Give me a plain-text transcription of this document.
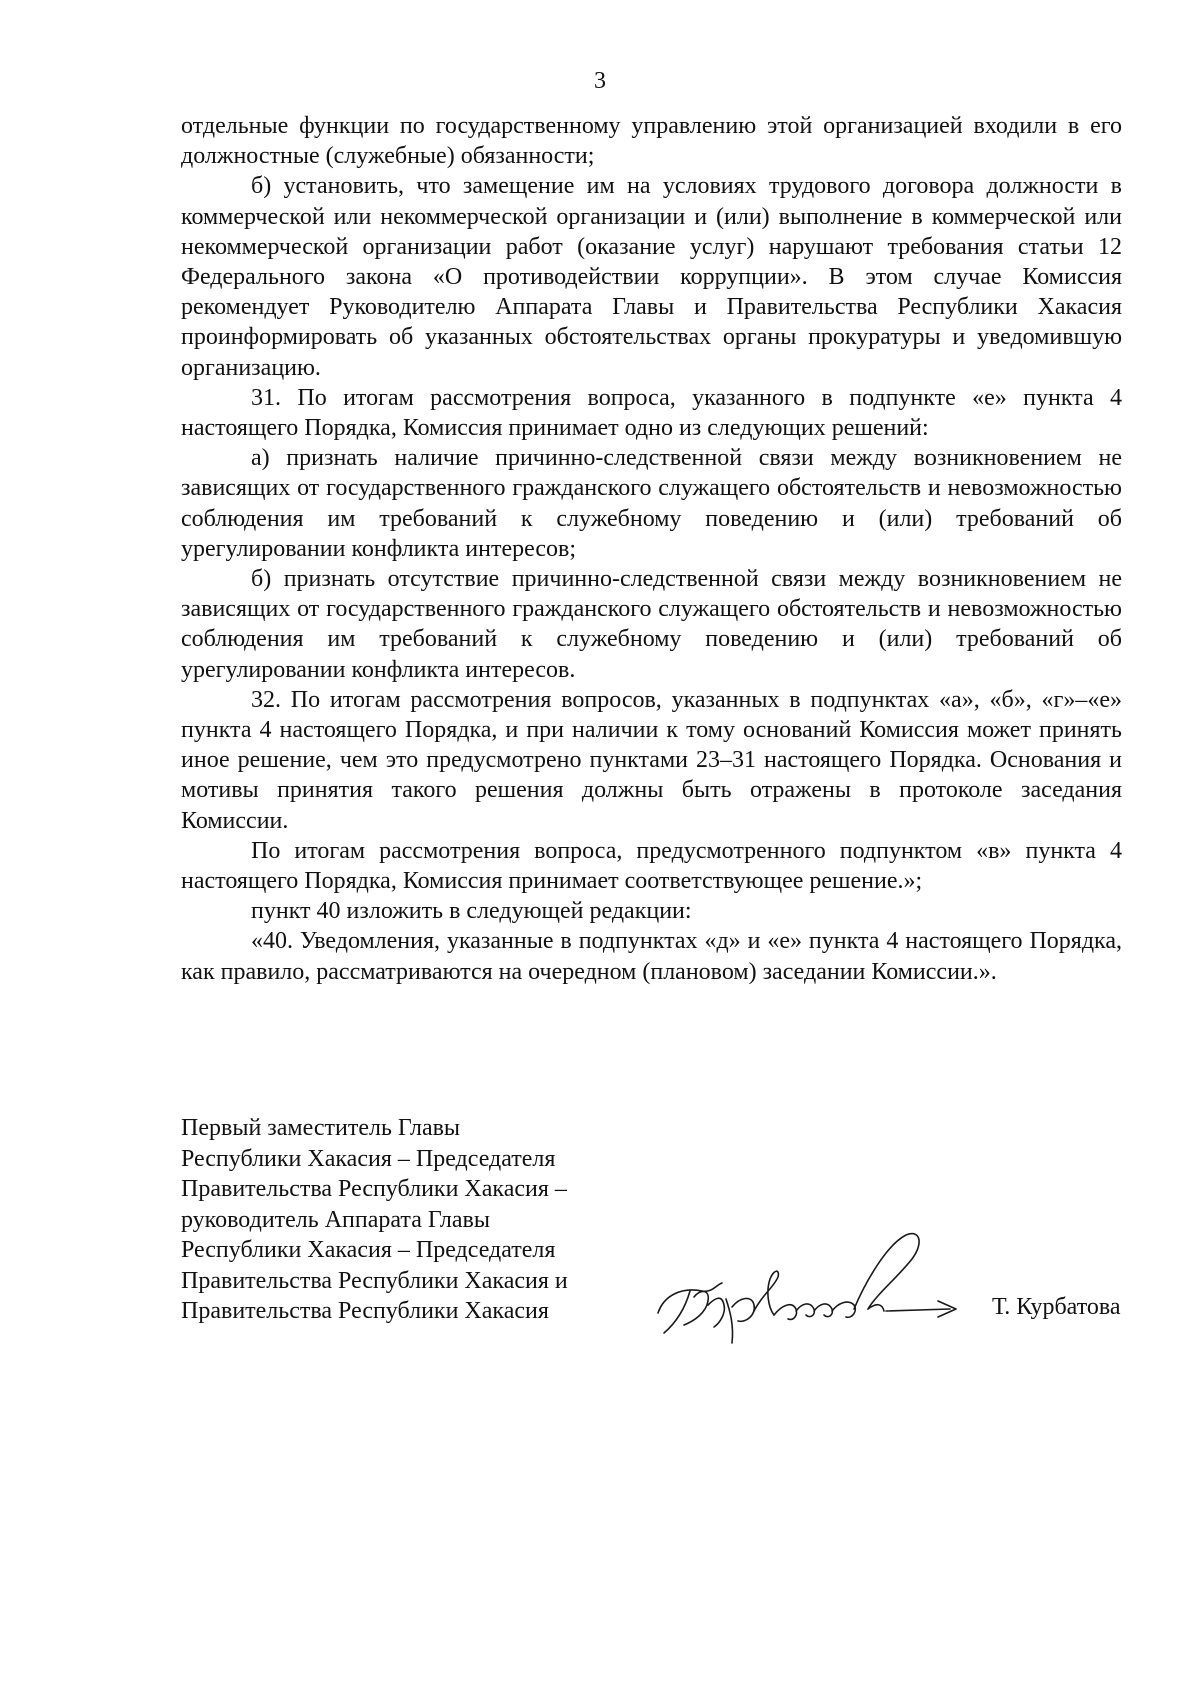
3

отдельные функции по государственному управлению этой организацией входили в его должностные (служебные) обязанности;

б) установить, что замещение им на условиях трудового договора должности в коммерческой или некоммерческой организации и (или) выполнение в коммерческой или некоммерческой организации работ (оказание услуг) нарушают требования статьи 12 Федерального закона «О противодействии коррупции». В этом случае Комиссия рекомендует Руководителю Аппарата Главы и Правительства Республики Хакасия проинформировать об указанных обстоятельствах органы прокуратуры и уведомившую организацию.

31. По итогам рассмотрения вопроса, указанного в подпункте «е» пункта 4 настоящего Порядка, Комиссия принимает одно из следующих решений:

а) признать наличие причинно-следственной связи между возникновением не зависящих от государственного гражданского служащего обстоятельств и невозможностью соблюдения им требований к служебному поведению и (или) требований об урегулировании конфликта интересов;

б) признать отсутствие причинно-следственной связи между возникновением не зависящих от государственного гражданского служащего обстоятельств и невозможностью соблюдения им требований к служебному поведению и (или) требований об урегулировании конфликта интересов.

32. По итогам рассмотрения вопросов, указанных в подпунктах «а», «б», «г»–«е» пункта 4 настоящего Порядка, и при наличии к тому оснований Комиссия может принять иное решение, чем это предусмотрено пунктами 23–31 настоящего Порядка. Основания и мотивы принятия такого решения должны быть отражены в протоколе заседания Комиссии.

По итогам рассмотрения вопроса, предусмотренного подпунктом «в» пункта 4 настоящего Порядка, Комиссия принимает соответствующее решение.»;

пункт 40 изложить в следующей редакции:

«40. Уведомления, указанные в подпунктах «д» и «е» пункта 4 настоящего Порядка, как правило, рассматриваются на очередном (плановом) заседании Комиссии.».

Первый заместитель Главы
Республики Хакасия – Председателя
Правительства Республики Хакасия –
руководитель Аппарата Главы
Республики Хакасия – Председателя
Правительства Республики Хакасия и
Правительства Республики Хакасия	Т. Курбатова
